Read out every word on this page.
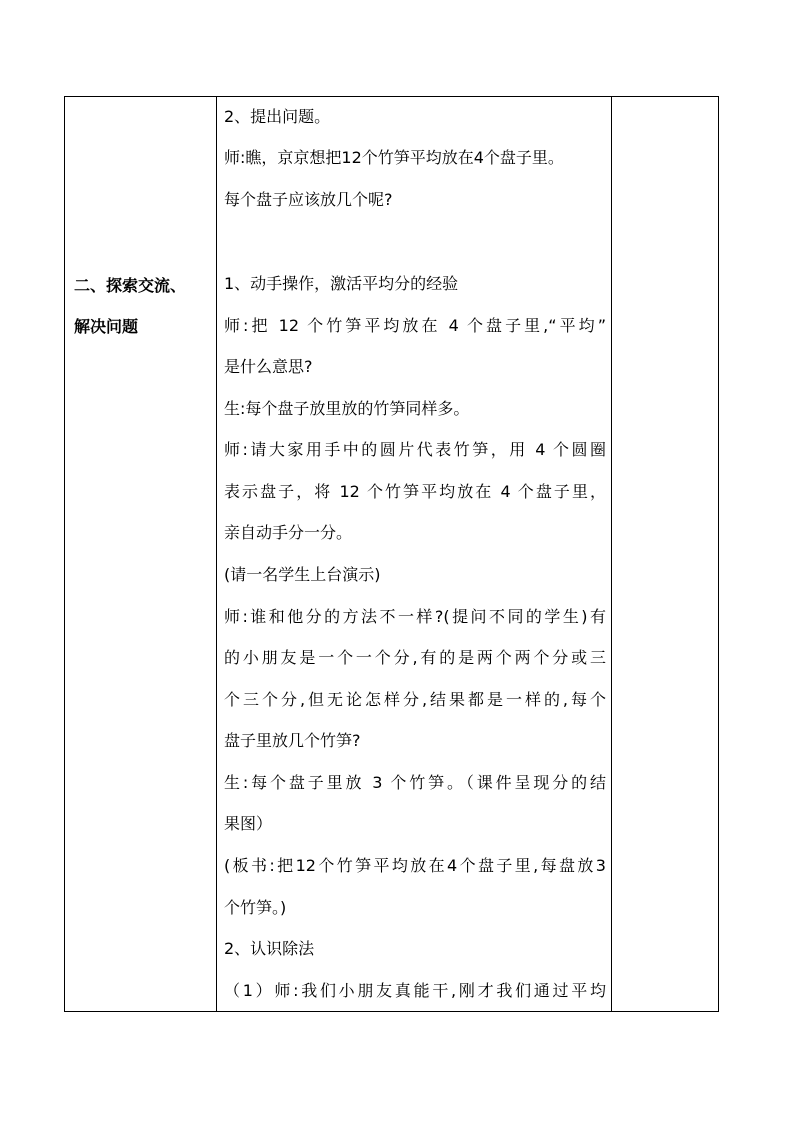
二、探索交流、
解决问题
2、提出问题。
师:瞧，京京想把12个竹笋平均放在4个盘子里。
每个盘子应该放几个呢?
1、动手操作，激活平均分的经验
师:把 12 个竹笋平均放在 4 个盘子里,“平均”
是什么意思?
生:每个盘子放里放的竹笋同样多。
师:请大家用手中的圆片代表竹笋，用 4 个圆圈
表示盘子，将 12 个竹笋平均放在 4 个盘子里，
亲自动手分一分。
(请一名学生上台演示)
师:谁和他分的方法不一样?(提问不同的学生)有
的小朋友是一个一个分,有的是两个两个分或三
个三个分,但无论怎样分,结果都是一样的,每个
盘子里放几个竹笋?
生:每个盘子里放 3 个竹笋。（课件呈现分的结
果图）
(板书:把12个竹笋平均放在4个盘子里,每盘放3
个竹笋。)
2、认识除法
（1）师:我们小朋友真能干,刚才我们通过平均
